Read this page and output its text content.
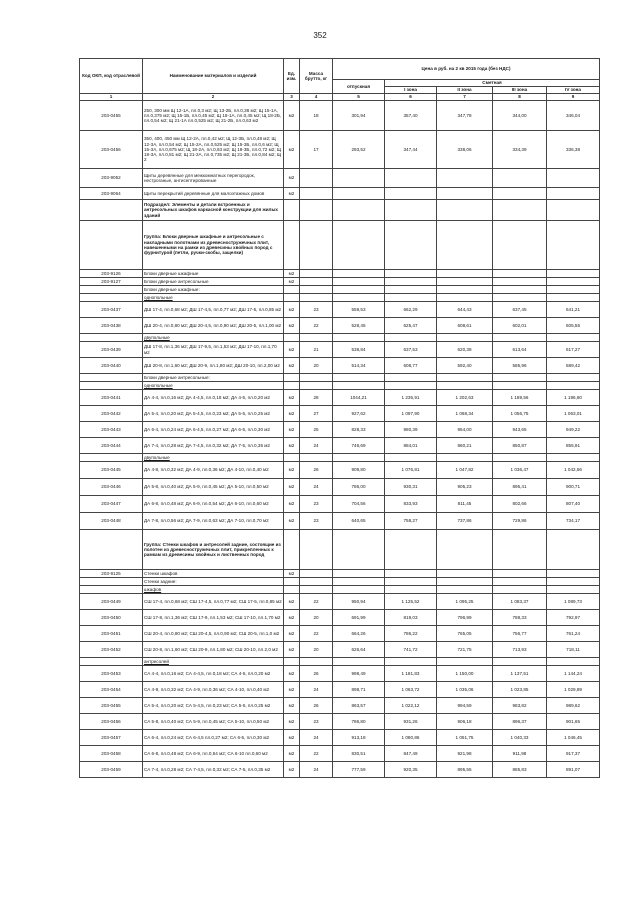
352
Код ОКП, код отраслевой	Наименование материалов и изделий	Ед. изм.	Масса брутто, кг	Цена в руб. на 2 кв 2015 года (без НДС)				
				отпускная	Сметная			
					I зона	II зона	III зона	IV зона
1	2	3	4	5	6	7	8	9
203-0455	250, 300 мм Щ 12-1А, пл.0,3 м2; Щ 13-2Б, пл.0,36 м2; Щ 15-1А, пл.0,375 м2; Щ 15-1Б, пл.0,45 м2; Щ 18-1А, пл.0,45 м2; Щ 18-2Б, пл.0,54 м2; Щ 21-1А пл.0,525 м2; Щ 21-2Б, пл.0,63 м2	м2	18	301,94	357,40	347,78	344,00	346,04
203-0456	350, 400, 450 мм Щ 12-2А, пл.0,42 м2; Щ 12-3Б, пл.0,48 м2; Щ 12-3А, пл.0,54 м2; Щ 15-2А, пл.0,525 м2; Щ 15-3Б, пл.0,6 м2; Щ 15-3А, пл.0,675 м2; Щ 18-2А, пл.0,63 м2; Щ 18-3Б, пл.0,72 м2; Щ 18-3А, пл.0,81 м2; Щ 21-2А, пл.0,735 м2; Щ 21-3Б, пл.0,84 м2; Щ 2	м2	17	293,52	347,44	338,06	334,39	336,38
203-9052	Щиты деревянные для межкомнатных перегородок, нестроганые, антисептированные	м2						
203-9064	Щиты перекрытий деревянные для малоэтажных домов	м2						
	Подраздел: Элементы и детали встроенных и антресольных шкафов каркасной конструкции для жилых зданий							
	Группа: Блоки дверные шкафные и антресольные с накладными полотнами из древесностружечных плит, навешенными на рамки из древесины хвойных пород с фурнитурой (петли, ручки-скобы, защелки)							
203-9126	Блоки дверные шкафные	м2						
203-9127	Блоки дверные антресольные	м2						
	Блоки дверные шкафные:							
	однопольные							
203-0437	ДШ 17-4, пл.0,68 м2; ДШ 17-4,5, пл.0,77 м2; ДШ 17-5, пл.0,85 м2	м2	23	559,53	662,29	644,43	637,45	641,21
203-0438	ДШ 20-4, пл.0,80 м2; ДШ 20-4,5, пл.0,90 м2; ДШ 20-5, пл.1,00 м2	м2	22	528,45	625,47	608,61	602,01	605,55
	двупольные							
203-0439	ДШ 17-8, пл.1,36 м2; ДШ 17-9,5, пл.1,53 м2; ДШ 17-10, пл.1,70 м2	м2	21	538,84	637,53	620,38	613,64	617,27
203-0440	ДШ 20-8, пл.1,60 м2; ДШ 20-9, пл.1,80 м2; ДШ 20-10, пл.2,00 м2	м2	20	514,34	608,77	592,40	585,96	589,42
	Блоки дверные антресольные:							
	однопольные							
203-0441	ДА 4-4, пл.0,16 м2; ДА 4-4,5, пл.0,18 м2; ДА 4-5, пл.0,20 м2	м2	28	1044,21	1 235,91	1 202,63	1 189,56	1 196,60
203-0442	ДА 5-4, пл.0,20 м2; ДА 5-4,5, пл.0,23 м2; ДА 5-5, пл.0,25 м2	м2	27	927,62	1 097,90	1 068,34	1 056,75	1 063,01
203-0443	ДА 6-4, пл.0,24 м2; ДА 6-4,5, пл.0,27 м2; ДА 6-5, пл.0,30 м2	м2	25	828,33	980,39	954,00	943,65	949,22
203-0444	ДА 7-4, пл.0,28 м2; ДА 7-4,5, пл.0,32 м2; ДА 7-5, пл.0,35 м2	м2	24	746,69	884,01	860,21	850,87	855,91
	двупольные							
203-0445	ДА 4-8, пл.0,32 м2; ДА 4-9, пл.0,36 м2; ДА 4-10, пл.0,40 м2	м2	26	909,80	1 076,81	1 047,82	1 036,47	1 042,56
203-0446	ДА 5-8, пл.0,40 м2; ДА 5-9, пл.0,45 м2; ДА 5-10, пл.0,50 м2	м2	24	786,00	930,31	905,23	895,41	900,71
203-0447	ДА 6-8, пл.0,48 м2; ДА 6-9, пл.0,54 м2; ДА 6-10, пл.0,60 м2	м2	23	704,56	833,93	811,45	802,66	807,40
203-0448	ДА 7-8, пл.0,56 м2; ДА 7-9, пл.0,63 м2; ДА 7-10, пл.0,70 м2	м2	23	640,65	758,27	737,86	729,86	734,17
	Группа: Стенки шкафов и антресолей задние, состоящие из полотен из древесностружечных плит, прикрепленных к рамкам из древесины хвойных и лиственных пород							
203-9125	Стенки шкафов	м2						
	Стенки задние:							
	шкафов							
203-0449	СШ 17-4, пл.0,68 м2; СШ 17-4,5, пл.0,77 м2; СШ 17-5, пл.0,85 м2	м2	22	950,94	1 125,52	1 095,25	1 083,37	1 089,73
203-0450	СШ 17-8, пл.1,36 м2; СШ 17-9, пл.1,53 м2; СШ 17-10, пл.1,70 м2	м2	20	691,99	819,03	796,99	788,33	792,97
203-0451	СШ 20-4, пл.0,80 м2; СШ 20-4,5, пл.0,90 м2; СШ 20-5, пл.1,0 м2	м2	22	664,26	786,22	765,05	756,77	761,24
203-0452	СШ 20-8, пл.1,60 м2; СШ 20-9, пл.1,80 м2; СШ 20-10, пл.2,0 м2	м2	20	626,64	741,72	721,75	713,93	718,11
	антресолей							
203-0453	СА 4-4, пл.0,16 м2; СА 4-4,5, пл.0,18 м2; СА 4-5, пл.0,20 м2	м2	26	998,49	1 181,83	1 150,00	1 137,51	1 144,24
203-0454	СА 4-8, пл.0,32 м2; СА 4-9, пл.0,36 м2; СА 4-10, пл.0,40 м2	м2	24	898,71	1 063,72	1 035,06	1 023,85	1 029,89
203-0455	СА 5-4, пл.0,20 м2; СА 5-4,5, пл.0,23 м2; СА 5-5, пл.0,25 м2	м2	26	863,57	1 022,12	994,59	983,82	989,62
203-0456	СА 5-8, пл.0,40 м2; СА 5-9, пл.0,45 м2; СА 5-10, пл.0,50 м2	м2	23	786,80	931,26	906,18	896,37	901,65
203-0457	СА 6-4, пл.0,24 м2; СА 6-4,5 пл.0,27 м2; СА 6-5, пл.0,30 м2	м2	24	913,18	1 080,86	1 051,75	1 040,33	1 046,45
203-0458	СА 6-8, пл.0,48 м2; СА 6-9, пл.0,54 м2; СА 6-10 пл.0,60 м2	м2	22	830,51	847,49	921,98	911,98	917,37
203-0459	СА 7-4, пл.0,28 м2; СА 7-4,5, пл.0,32 м2; СА 7-5, пл.0,35 м2	м2	24	777,59	920,35	895,55	885,83	891,07
